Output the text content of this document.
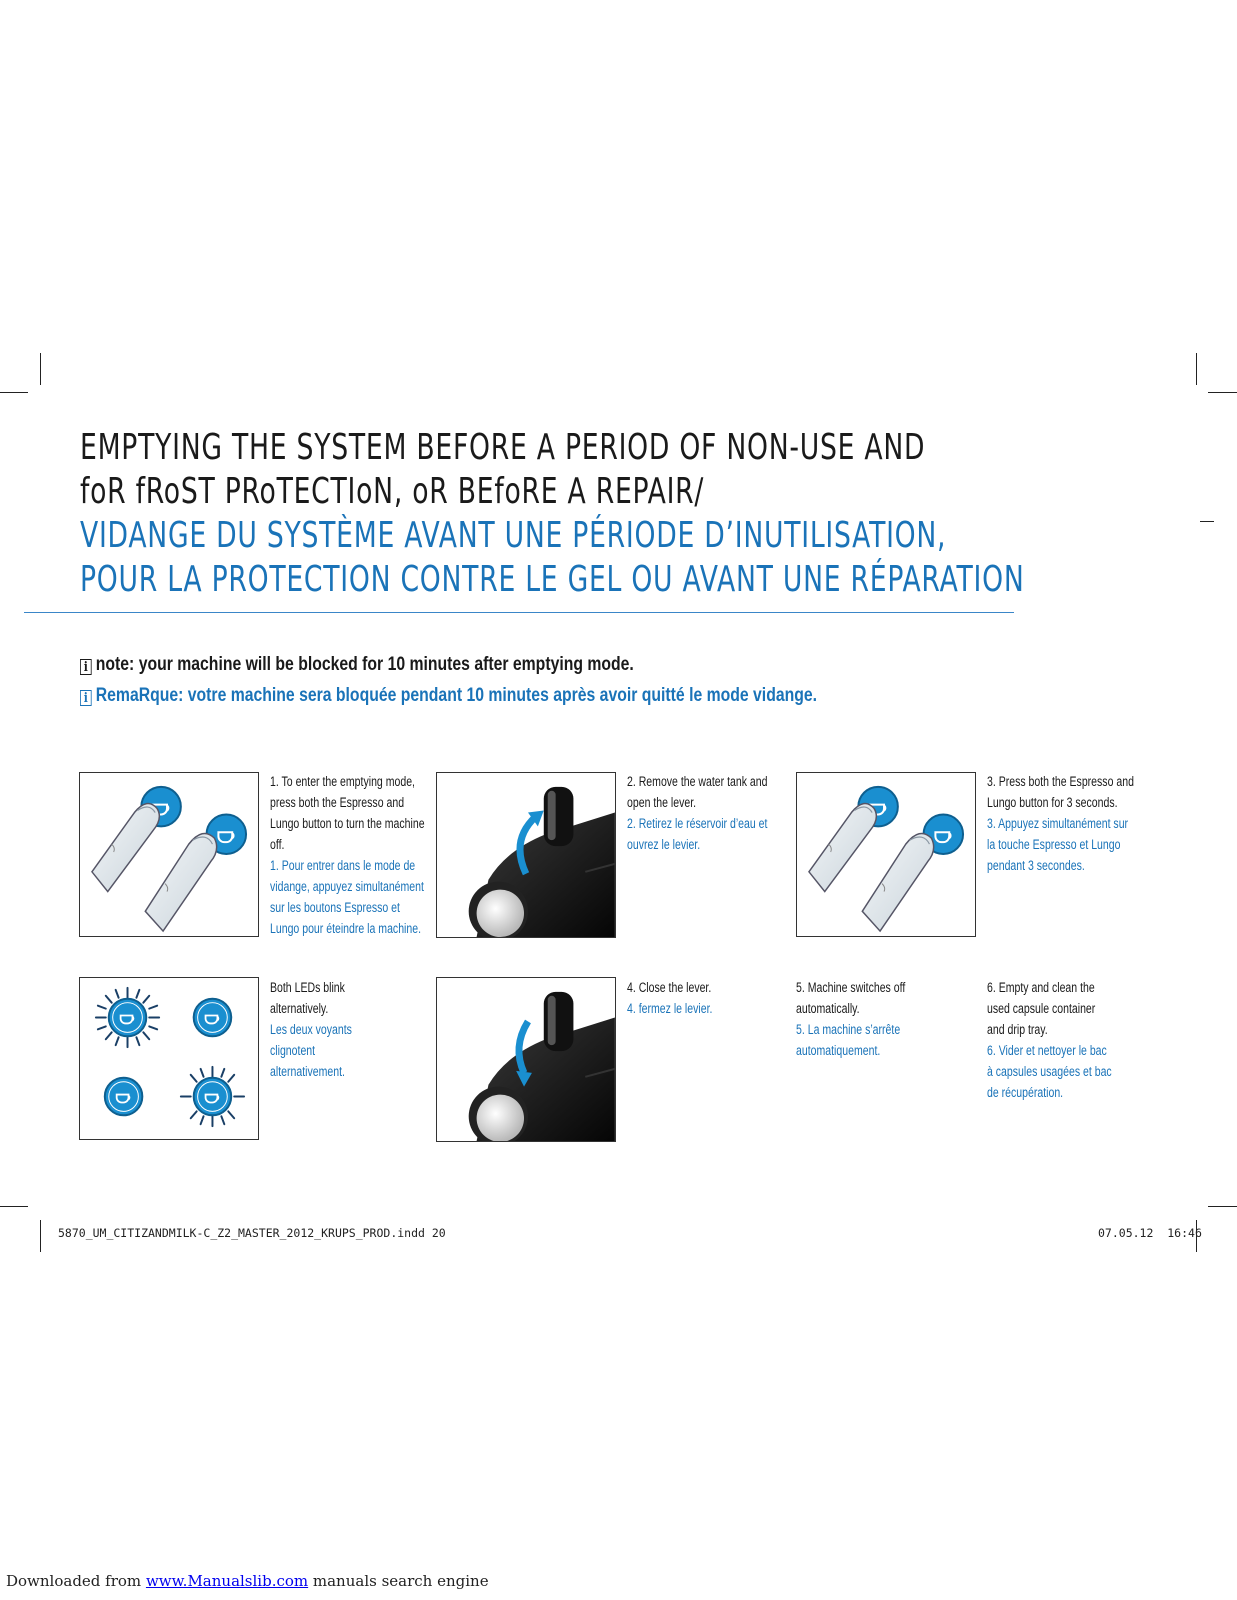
EMPTYING THE SYSTEM BEFORE A PERIOD OF NON-USE AND
foR fRoST PRoTECTIoN, oR BEfoRE A REPAIR/
VIDANGE DU SYSTÈME AVANT UNE PÉRIODE D’INUTILISATION,
POUR LA PROTECTION CONTRE LE GEL OU AVANT UNE RÉPARATION
i note: your machine will be blocked for 10 minutes after emptying mode.
i RemaRque: votre machine sera bloquée pendant 10 minutes après avoir quitté le mode vidange.

1. To enter the emptying mode, press both the Espresso and Lungo button to turn the machine off.

1. Pour entrer dans le mode de vidange, appuyez simultanément sur les boutons Espresso et Lungo pour éteindre la machine.

2. Remove the water tank and open the lever.

2. Retirez le réservoir d’eau et ouvrez le levier.

3. Press both the Espresso and Lungo button for 3 seconds.

3. Appuyez simultanément sur la touche Espresso et Lungo pendant 3 secondes.

Both LEDs blink alternatively.

Les deux voyants clignotent alternativement.

4. Close the lever.

4. fermez le levier.

5. Machine switches off automatically.

5. La machine s’arrête automatiquement.

6. Empty and clean the used capsule container and drip tray.

6. Vider et nettoyer le bac à capsules usagées et bac de récupération.

5870_UM_CITIZANDMILK-C_Z2_MASTER_2012_KRUPS_PROD.indd 20	07.05.12 16:46
Downloaded from www.Manualslib.com manuals search engine
